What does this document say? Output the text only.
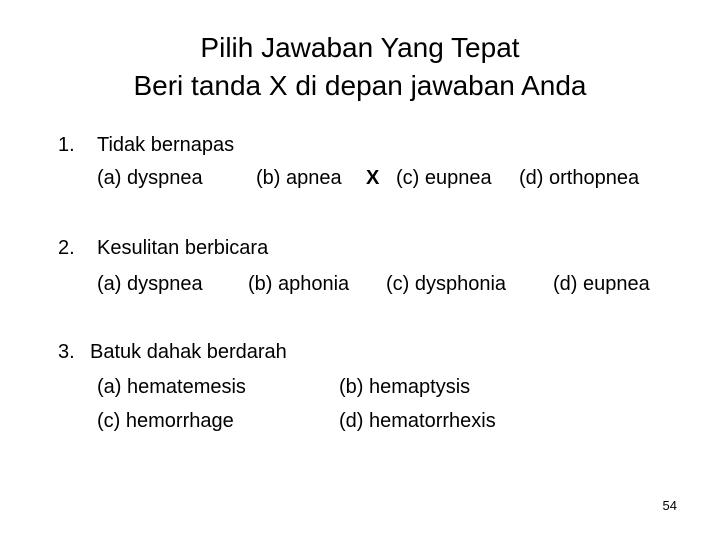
Pilih Jawaban Yang Tepat
Beri tanda X di depan jawaban Anda
1. Tidak bernapas
(a) dyspnea	(b) apnea X (c) eupnea (d) orthopnea
2. Kesulitan berbicara
(a) dyspnea (b) aphonia (c) dysphonia (d) eupnea
3. Batuk dahak berdarah
(a) hematemesis	(b) hemaptysis
(c) hemorrhage	(d) hematorrhexis
54
